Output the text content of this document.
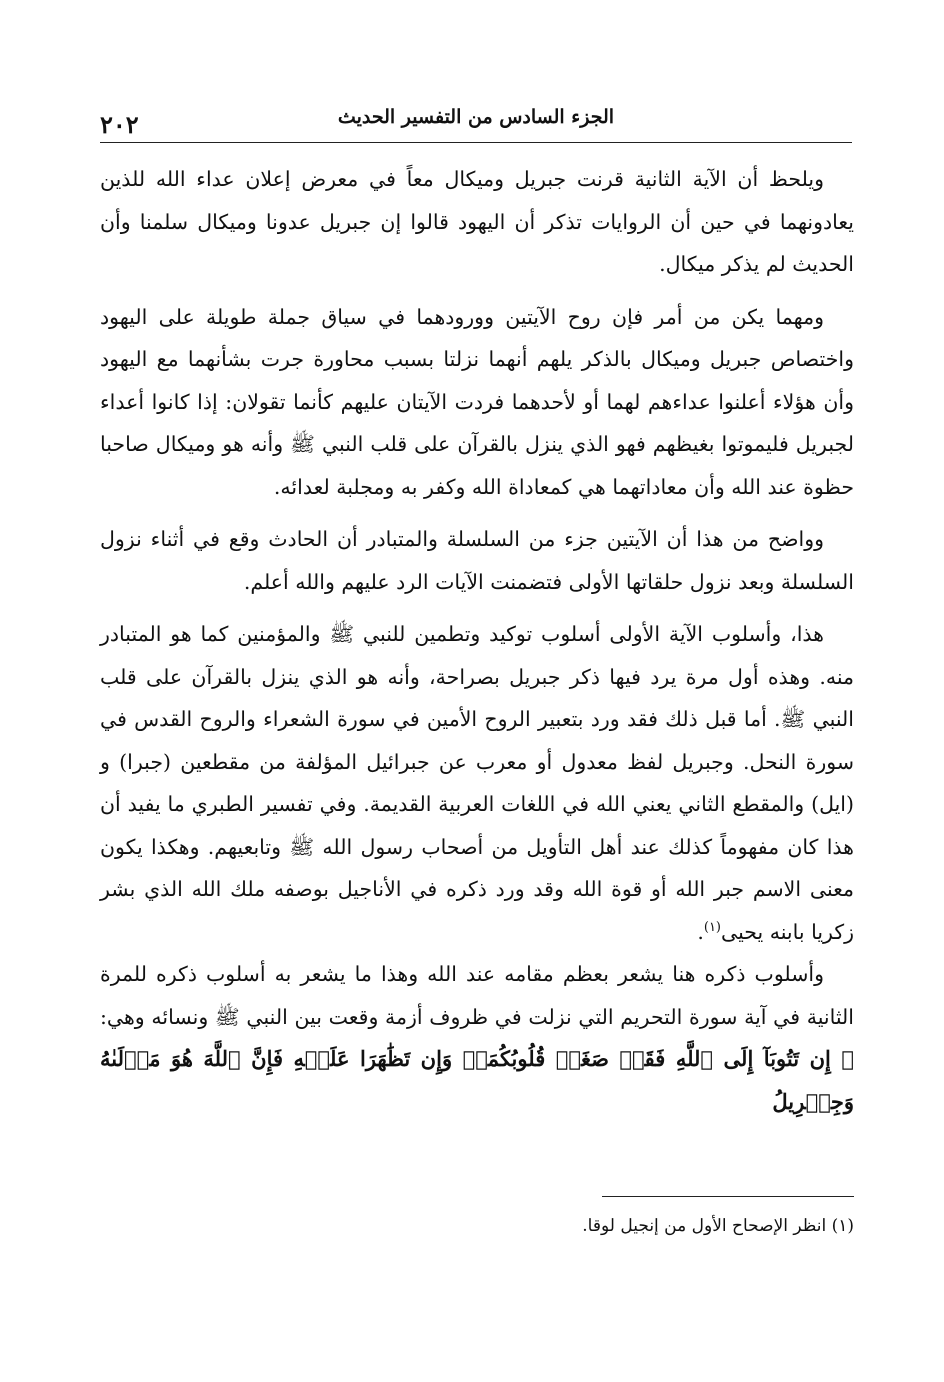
٢٠٢	الجزء السادس من التفسير الحديث

ويلحظ أن الآية الثانية قرنت جبريل وميكال معاً في معرض إعلان عداء الله للذين يعادونهما في حين أن الروايات تذكر أن اليهود قالوا إن جبريل عدونا وميكال سلمنا وأن الحديث لم يذكر ميكال.

ومهما يكن من أمر فإن روح الآيتين وورودهما في سياق جملة طويلة على اليهود واختصاص جبريل وميكال بالذكر يلهم أنهما نزلتا بسبب محاورة جرت بشأنهما مع اليهود وأن هؤلاء أعلنوا عداءهم لهما أو لأحدهما فردت الآيتان عليهم كأنما تقولان: إذا كانوا أعداء لجبريل فليموتوا بغيظهم فهو الذي ينزل بالقرآن على قلب النبي ﷺ وأنه هو وميكال صاحبا حظوة عند الله وأن معاداتهما هي كمعاداة الله وكفر به ومجلبة لعدائه.

وواضح من هذا أن الآيتين جزء من السلسلة والمتبادر أن الحادث وقع في أثناء نزول السلسلة وبعد نزول حلقاتها الأولى فتضمنت الآيات الرد عليهم والله أعلم.

هذا، وأسلوب الآية الأولى أسلوب توكيد وتطمين للنبي ﷺ والمؤمنين كما هو المتبادر منه. وهذه أول مرة يرد فيها ذكر جبريل بصراحة، وأنه هو الذي ينزل بالقرآن على قلب النبي ﷺ. أما قبل ذلك فقد ورد بتعبير الروح الأمين في سورة الشعراء والروح القدس في سورة النحل. وجبريل لفظ معدول أو معرب عن جبرائيل المؤلفة من مقطعين (جبرا) و (ايل) والمقطع الثاني يعني الله في اللغات العربية القديمة. وفي تفسير الطبري ما يفيد أن هذا كان مفهوماً كذلك عند أهل التأويل من أصحاب رسول الله ﷺ وتابعيهم. وهكذا يكون معنى الاسم جبر الله أو قوة الله وقد ورد ذكره في الأناجيل بوصفه ملك الله الذي بشر زكريا بابنه يحيى$^{(١)}$.

وأسلوب ذكره هنا يشعر بعظم مقامه عند الله وهذا ما يشعر به أسلوب ذكره للمرة الثانية في آية سورة التحريم التي نزلت في ظروف أزمة وقعت بين النبي ﷺ ونسائه وهي: ﴿ إِن تَتُوبَآ إِلَى ٱللَّهِ فَقَدۡ صَغَتۡ قُلُوبُكُمَاۖ وَإِن تَظَٰهَرَا عَلَيۡهِ فَإِنَّ ٱللَّهَ هُوَ مَوۡلَىٰهُ وَجِبۡرِيلُ

(١) انظر الإصحاح الأول من إنجيل لوقا.
